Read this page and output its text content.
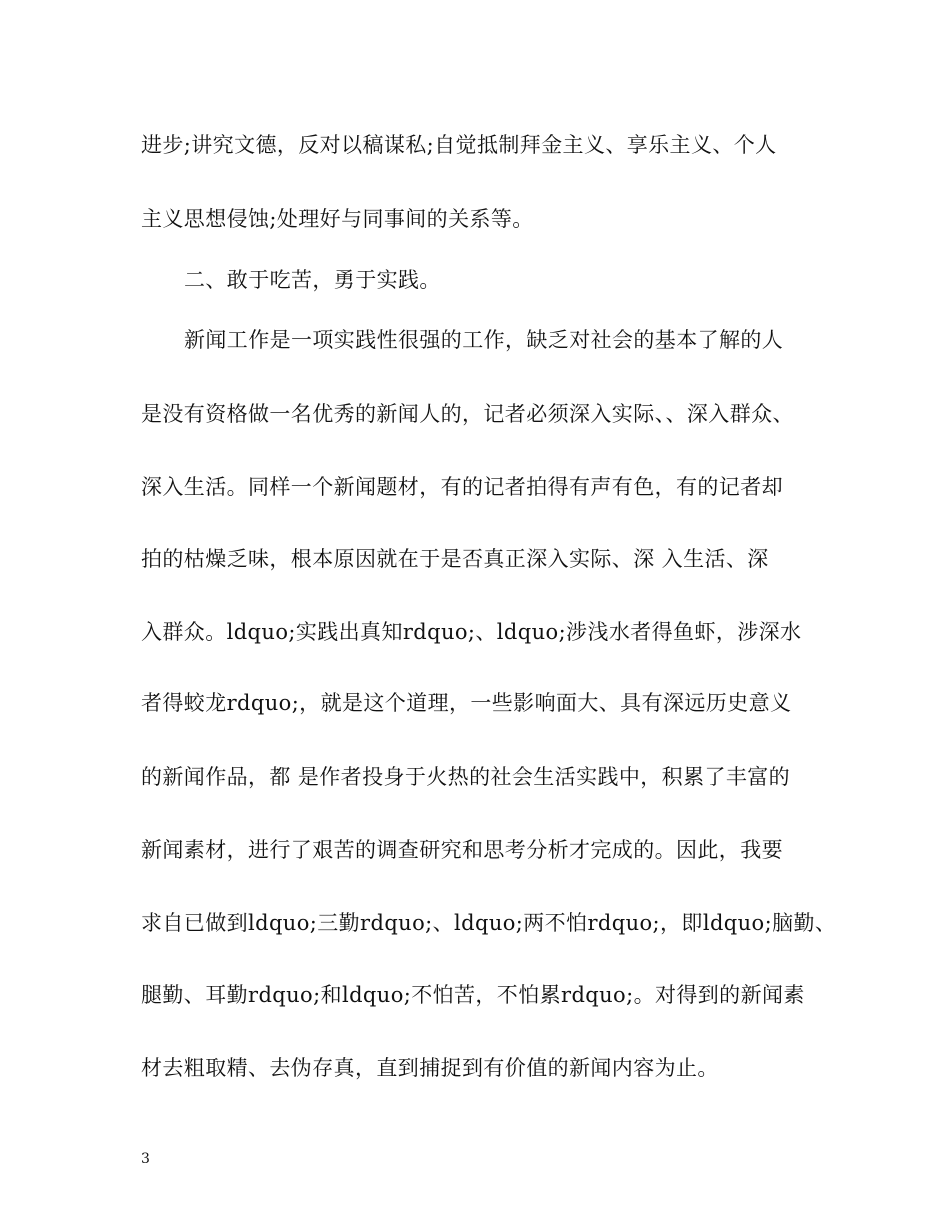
进步;讲究文德，反对以稿谋私;自觉抵制拜金主义、享乐主义、个人
主义思想侵蚀;处理好与同事间的关系等。
二、敢于吃苦，勇于实践。
新闻工作是一项实践性很强的工作，缺乏对社会的基本了解的人
是没有资格做一名优秀的新闻人的，记者必须深入实际、、深入群众、
深入生活。同样一个新闻题材，有的记者拍得有声有色，有的记者却
拍的枯燥乏味，根本原因就在于是否真正深入实际、深 入生活、深
入群众。ldquo;实践出真知rdquo;、ldquo;涉浅水者得鱼虾，涉深水
者得蛟龙rdquo;，就是这个道理，一些影响面大、具有深远历史意义
的新闻作品，都 是作者投身于火热的社会生活实践中，积累了丰富的
新闻素材，进行了艰苦的调查研究和思考分析才完成的。因此，我要
求自已做到ldquo;三勤rdquo;、ldquo;两不怕rdquo;，即ldquo;脑勤、
腿勤、耳勤rdquo;和ldquo;不怕苦，不怕累rdquo;。对得到的新闻素
材去粗取精、去伪存真，直到捕捉到有价值的新闻内容为止。
3
